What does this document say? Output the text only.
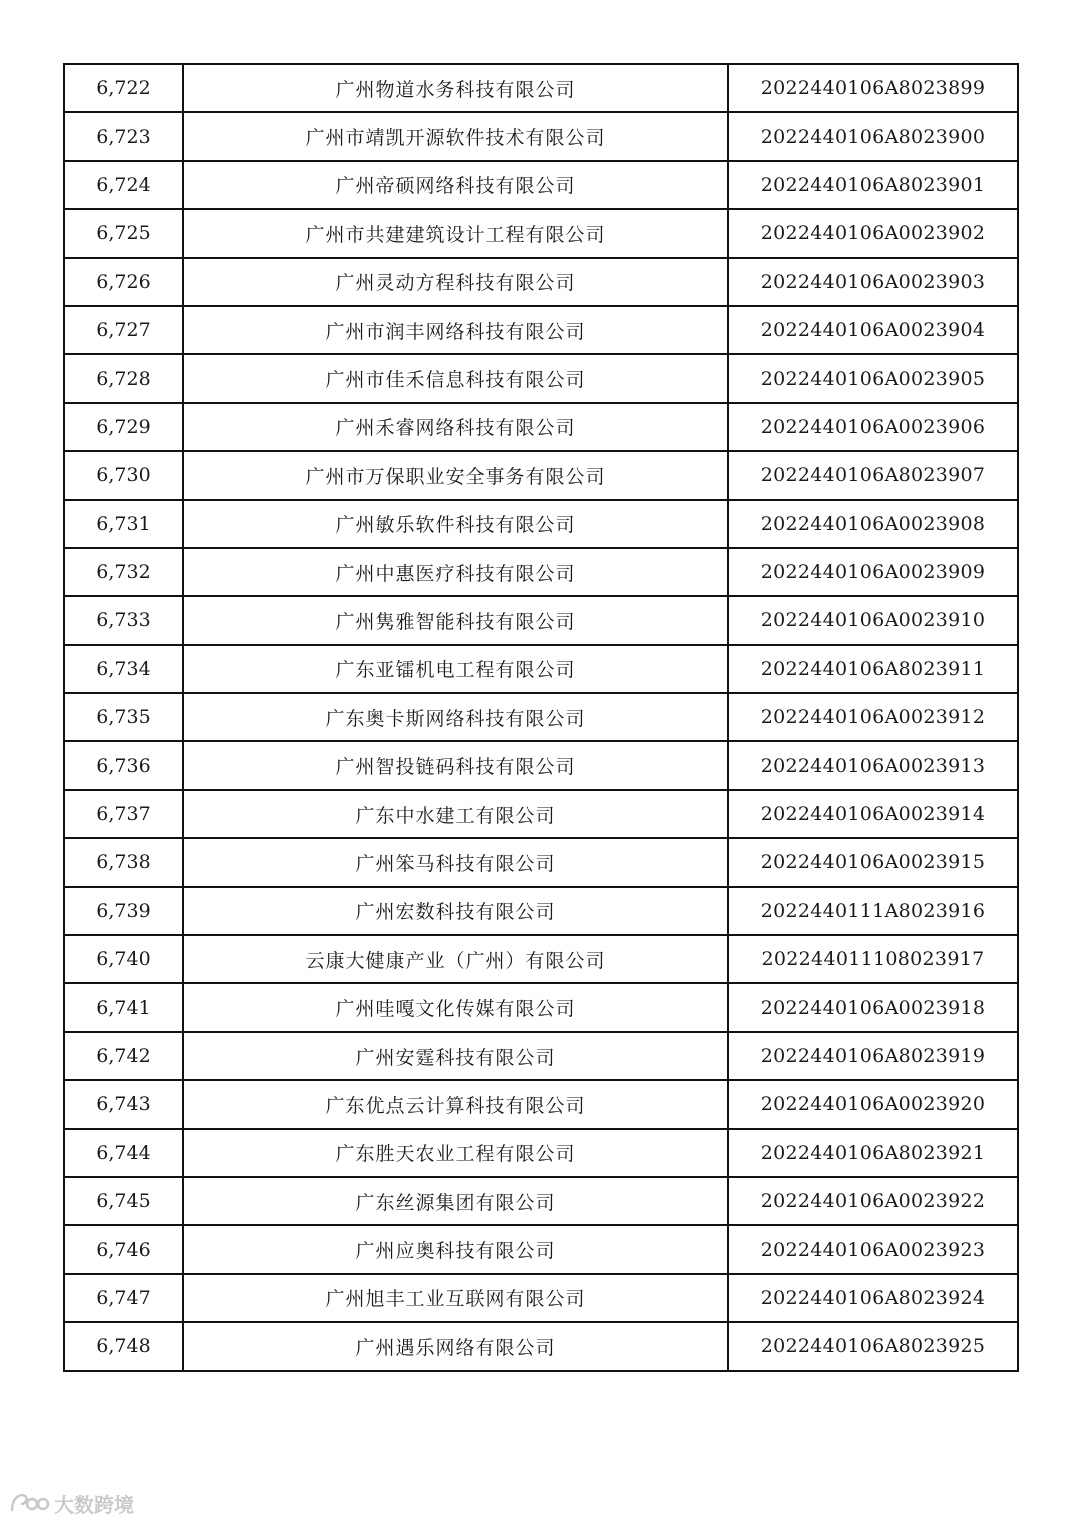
6,722	广州物道水务科技有限公司	2022440106A8023899
6,723	广州市靖凯开源软件技术有限公司	2022440106A8023900
6,724	广州帝硕网络科技有限公司	2022440106A8023901
6,725	广州市共建建筑设计工程有限公司	2022440106A0023902
6,726	广州灵动方程科技有限公司	2022440106A0023903
6,727	广州市润丰网络科技有限公司	2022440106A0023904
6,728	广州市佳禾信息科技有限公司	2022440106A0023905
6,729	广州禾睿网络科技有限公司	2022440106A0023906
6,730	广州市万保职业安全事务有限公司	2022440106A8023907
6,731	广州敏乐软件科技有限公司	2022440106A0023908
6,732	广州中惠医疗科技有限公司	2022440106A0023909
6,733	广州隽雅智能科技有限公司	2022440106A0023910
6,734	广东亚镭机电工程有限公司	2022440106A8023911
6,735	广东奥卡斯网络科技有限公司	2022440106A0023912
6,736	广州智投链码科技有限公司	2022440106A0023913
6,737	广东中水建工有限公司	2022440106A0023914
6,738	广州笨马科技有限公司	2022440106A0023915
6,739	广州宏数科技有限公司	2022440111A8023916
6,740	云康大健康产业（广州）有限公司	202244011108023917
6,741	广州哇嘎文化传媒有限公司	2022440106A0023918
6,742	广州安霆科技有限公司	2022440106A8023919
6,743	广东优点云计算科技有限公司	2022440106A0023920
6,744	广东胜天农业工程有限公司	2022440106A8023921
6,745	广东丝源集团有限公司	2022440106A0023922
6,746	广州应奥科技有限公司	2022440106A0023923
6,747	广州旭丰工业互联网有限公司	2022440106A8023924
6,748	广州遇乐网络有限公司	2022440106A8023925
大数跨境
